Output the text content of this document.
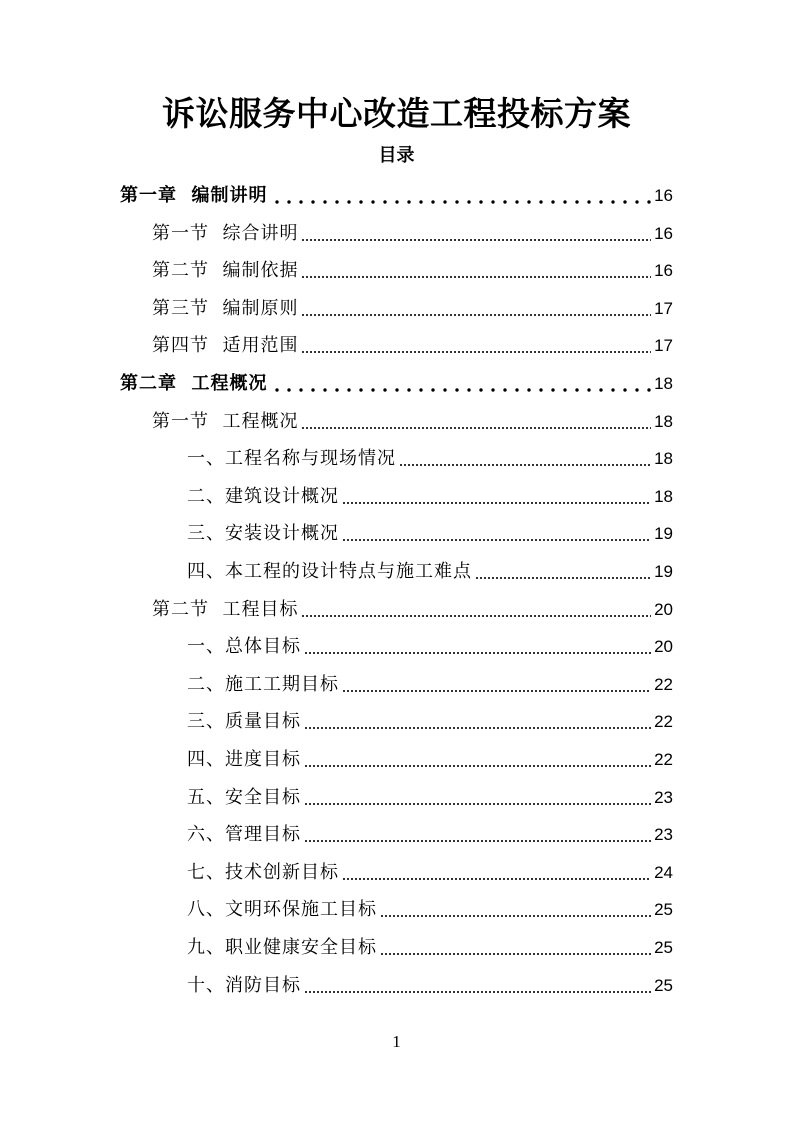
诉讼服务中心改造工程投标方案
目录
第一章  编制讲明	16
第一节  综合讲明	16
第二节  编制依据	16
第三节  编制原则	17
第四节  适用范围	17
第二章  工程概况	18
第一节  工程概况	18
一、工程名称与现场情况	18
二、建筑设计概况	18
三、安装设计概况	19
四、本工程的设计特点与施工难点	19
第二节  工程目标	20
一、总体目标	20
二、施工工期目标	22
三、质量目标	22
四、进度目标	22
五、安全目标	23
六、管理目标	23
七、技术创新目标	24
八、文明环保施工目标	25
九、职业健康安全目标	25
十、消防目标	25
1
